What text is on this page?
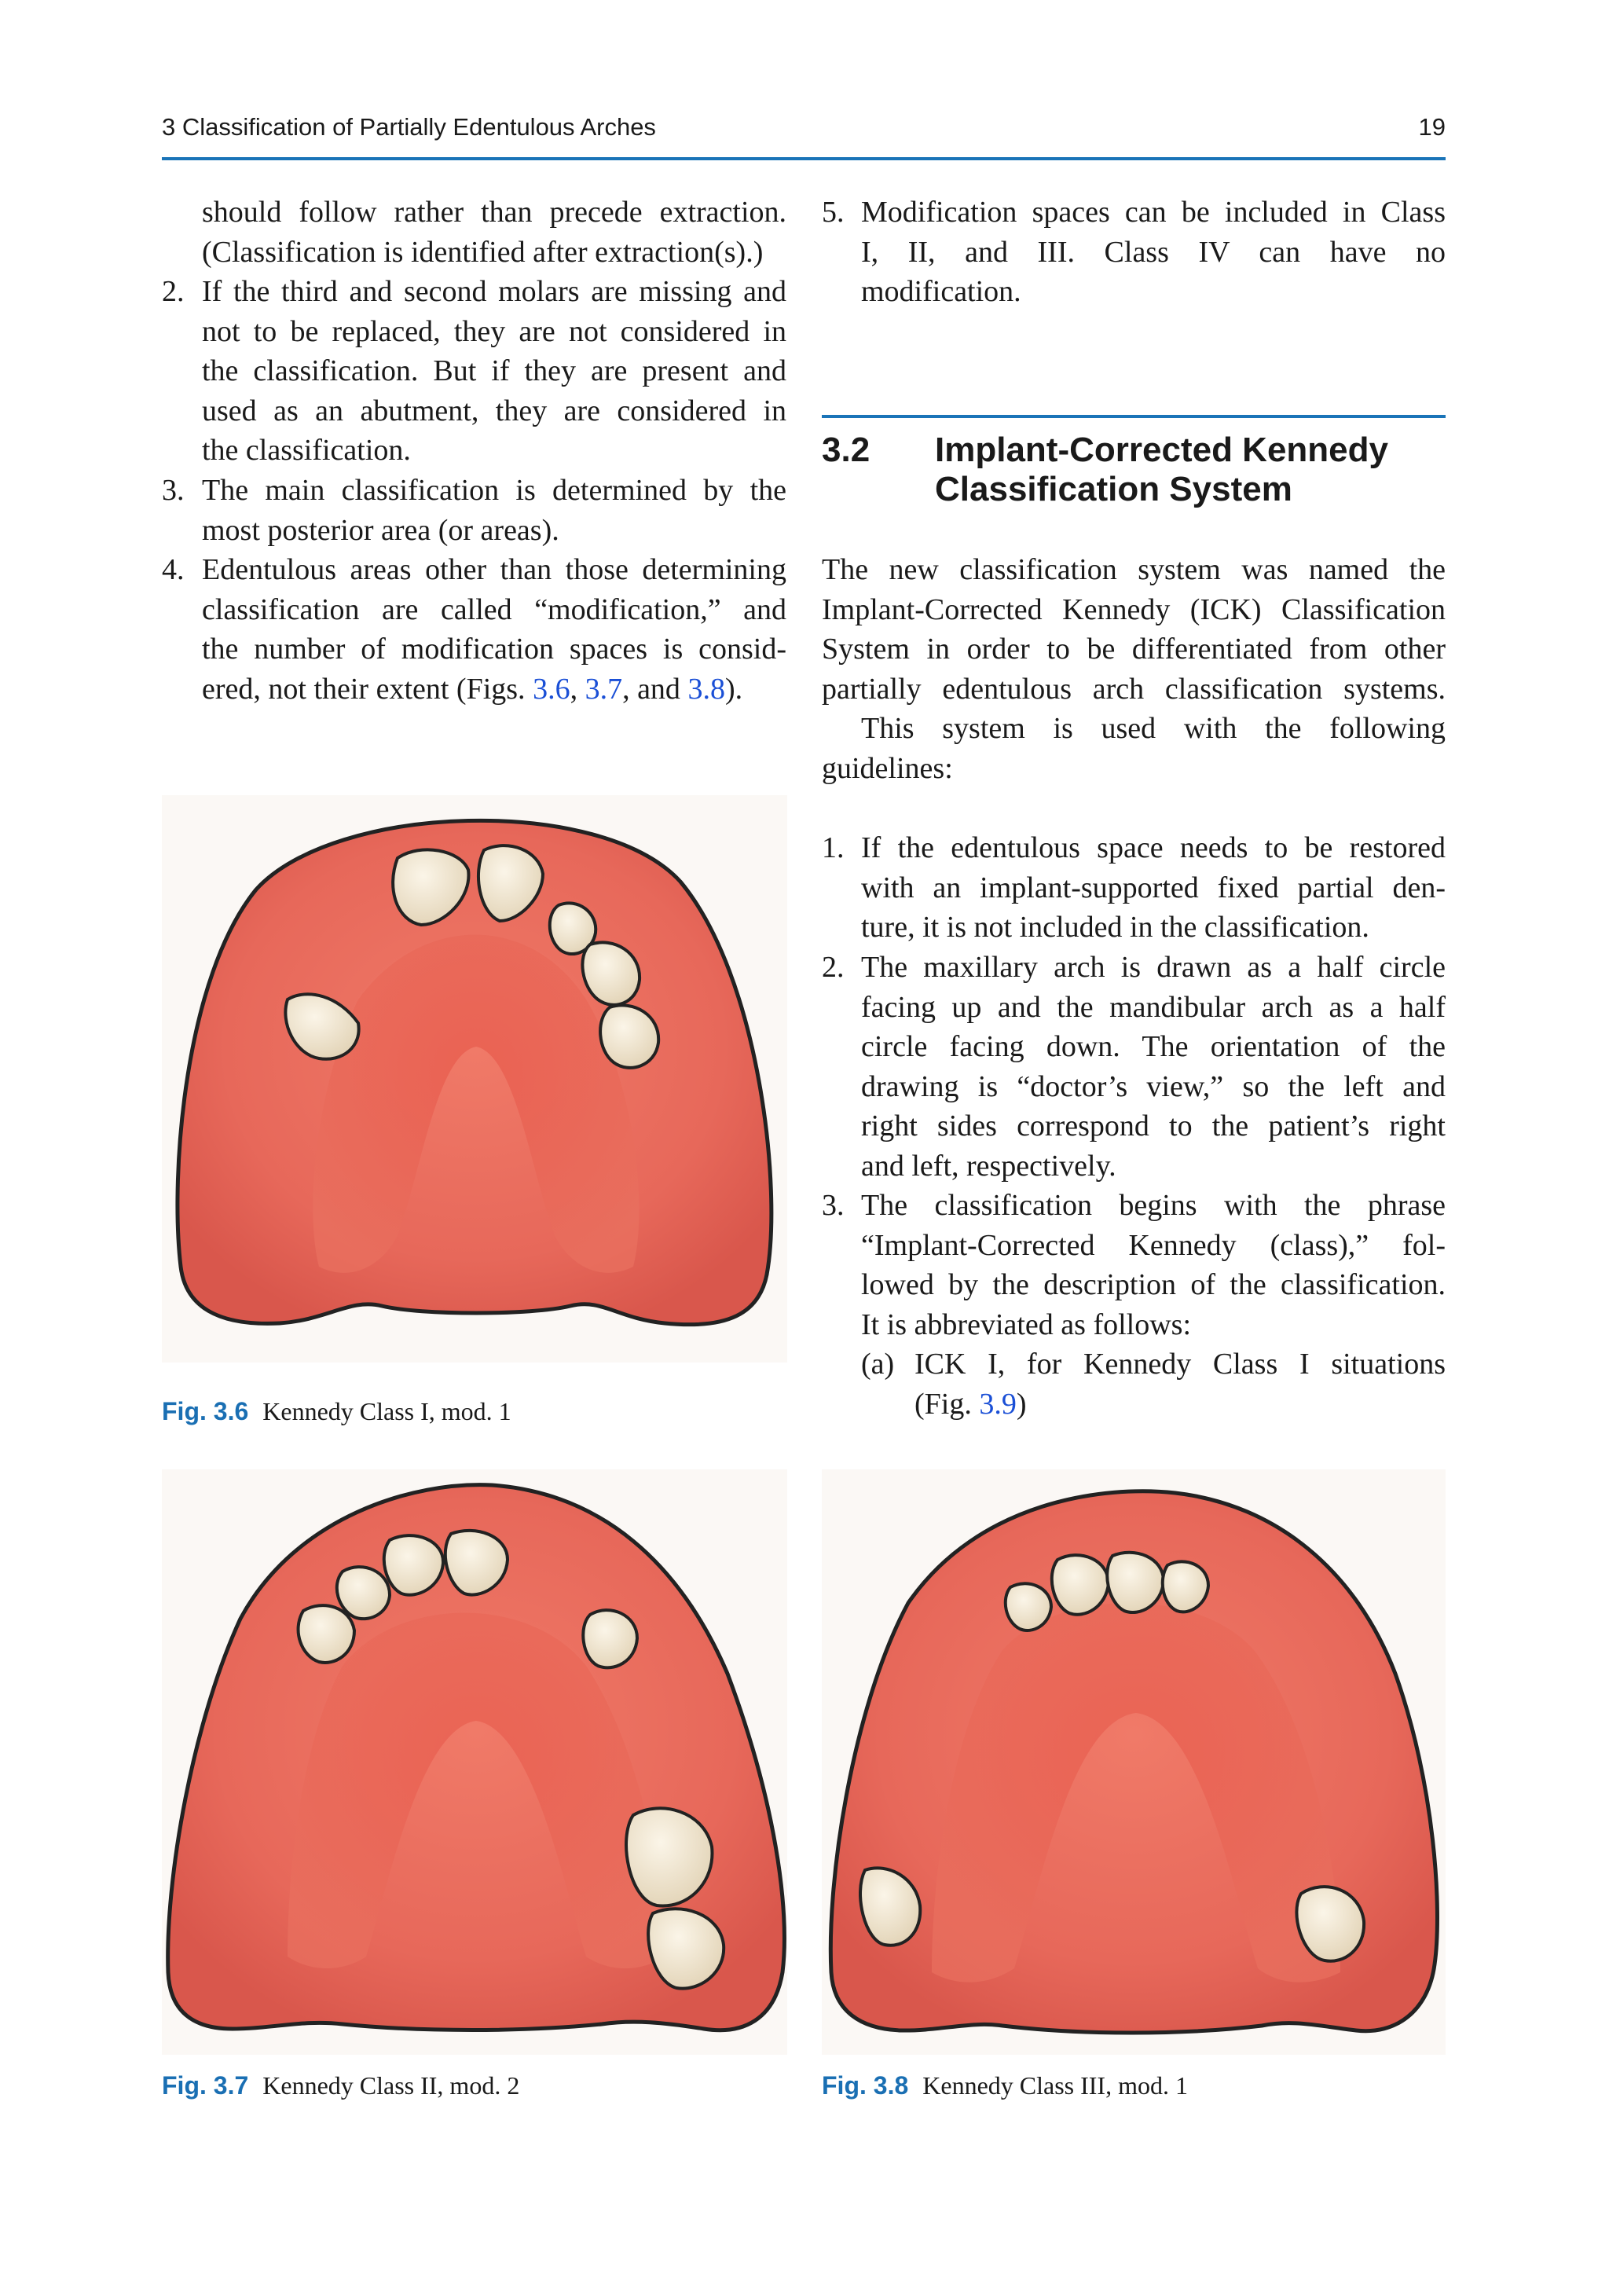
3 Classification of Partially Edentulous Arches	19
should follow rather than precede extraction.
(Classification is identified after extraction(s).)
2. If the third and second molars are missing and
not to be replaced, they are not considered in
the classification. But if they are present and
used as an abutment, they are considered in
the classification.
3. The main classification is determined by the
most posterior area (or areas).
4. Edentulous areas other than those determining
classification are called “modification,” and
the number of modification spaces is consid-
ered, not their extent (Figs. 3.6, 3.7, and 3.8).
5. Modification spaces can be included in Class
I, II, and III. Class IV can have no
modification.
3.2 Implant-Corrected Kennedy
Classification System
The new classification system was named the
Implant-Corrected Kennedy (ICK) Classification
System in order to be differentiated from other
partially edentulous arch classification systems.
This system is used with the following
guidelines:
1. If the edentulous space needs to be restored
with an implant-supported fixed partial den-
ture, it is not included in the classification.
2. The maxillary arch is drawn as a half circle
facing up and the mandibular arch as a half
circle facing down. The orientation of the
drawing is “doctor’s view,” so the left and
right sides correspond to the patient’s right
and left, respectively.
3. The classification begins with the phrase
“Implant-Corrected Kennedy (class),” fol-
lowed by the description of the classification.
It is abbreviated as follows:
(a) ICK I, for Kennedy Class I situations
(Fig. 3.9)
Fig. 3.6 Kennedy Class I, mod. 1
Fig. 3.7 Kennedy Class II, mod. 2	Fig. 3.8 Kennedy Class III, mod. 1
